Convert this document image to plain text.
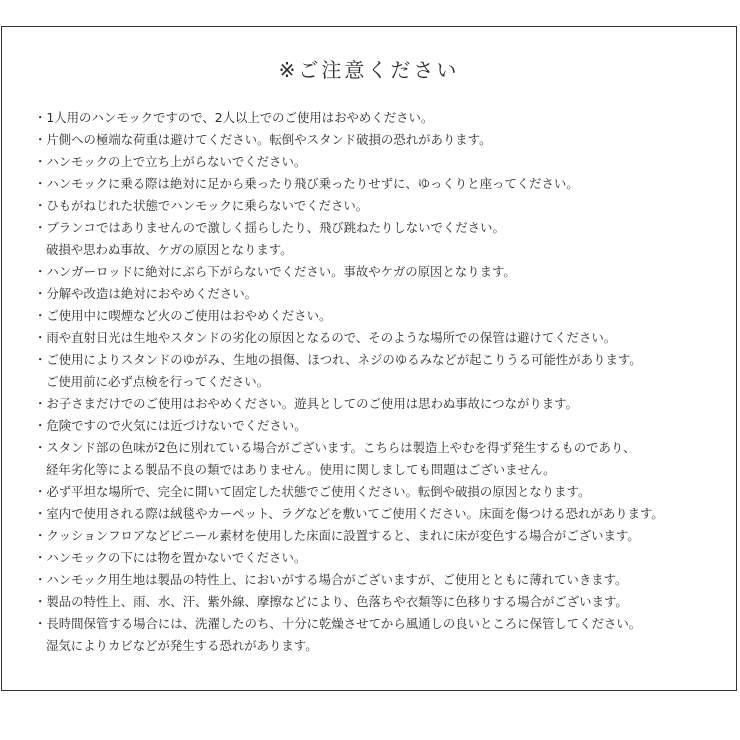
※ご注意ください
・1人用のハンモックですので、2人以上でのご使用はおやめください。
・片側への極端な荷重は避けてください。転倒やスタンド破損の恐れがあります。
・ハンモックの上で立ち上がらないでください。
・ハンモックに乗る際は絶対に足から乗ったり飛び乗ったりせずに、ゆっくりと座ってください。
・ひもがねじれた状態でハンモックに乗らないでください。
・ブランコではありませんので激しく揺らしたり、飛び跳ねたりしないでください。
破損や思わぬ事故、ケガの原因となります。
・ハンガーロッドに絶対にぶら下がらないでください。事故やケガの原因となります。
・分解や改造は絶対におやめください。
・ご使用中に喫煙など火のご使用はおやめください。
・雨や直射日光は生地やスタンドの劣化の原因となるので、そのような場所での保管は避けてください。
・ご使用によりスタンドのゆがみ、生地の損傷、ほつれ、ネジのゆるみなどが起こりうる可能性があります。
ご使用前に必ず点検を行ってください。
・お子さまだけでのご使用はおやめください。遊具としてのご使用は思わぬ事故につながります。
・危険ですので火気には近づけないでください。
・スタンド部の色味が2色に別れている場合がございます。こちらは製造上やむを得ず発生するものであり、
経年劣化等による製品不良の類ではありません。使用に関しましても問題はございません。
・必ず平坦な場所で、完全に開いて固定した状態でご使用ください。転倒や破損の原因となります。
・室内で使用される際は絨毯やカーペット、ラグなどを敷いてご使用ください。床面を傷つける恐れがあります。
・クッションフロアなどビニール素材を使用した床面に設置すると、まれに床が変色する場合がございます。
・ハンモックの下には物を置かないでください。
・ハンモック用生地は製品の特性上、においがする場合がございますが、ご使用とともに薄れていきます。
・製品の特性上、雨、水、汗、紫外線、摩擦などにより、色落ちや衣類等に色移りする場合がございます。
・長時間保管する場合には、洗濯したのち、十分に乾燥させてから風通しの良いところに保管してください。
湿気によりカビなどが発生する恐れがあります。
